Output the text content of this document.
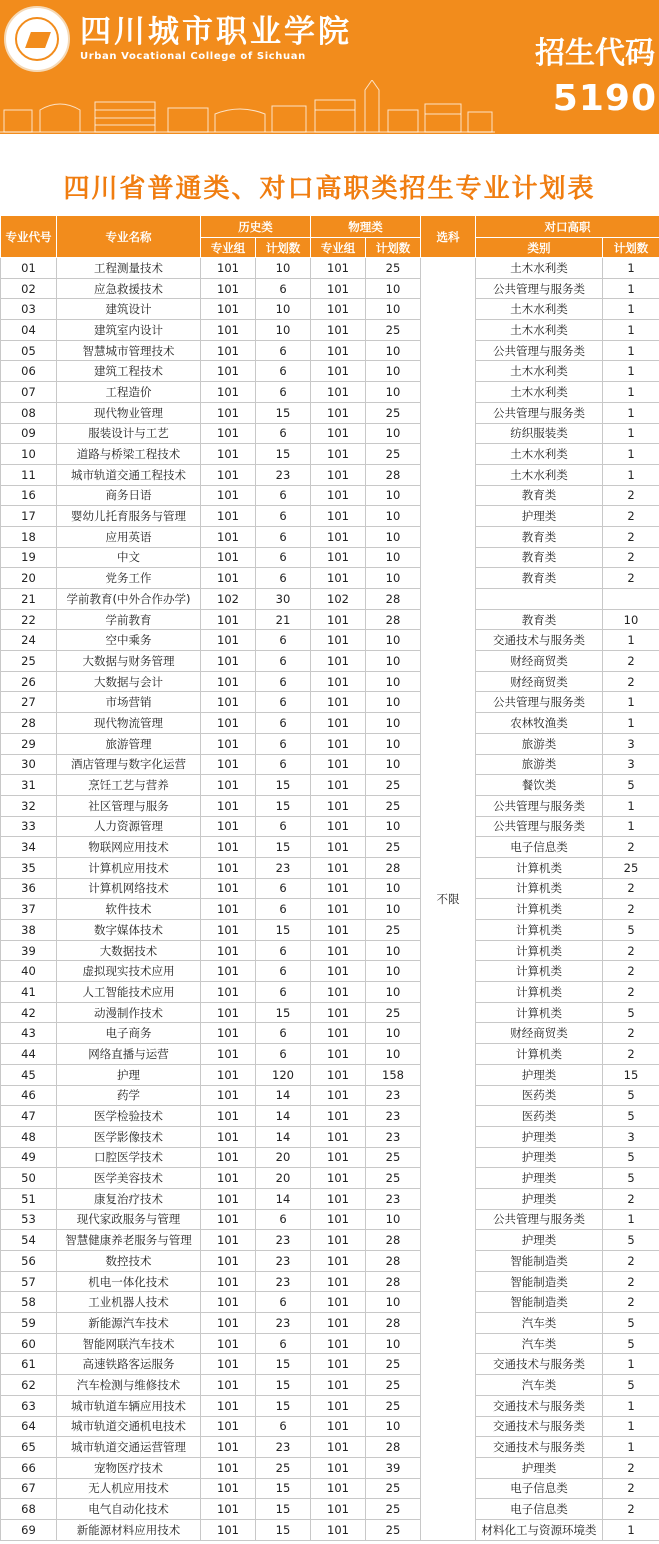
四川城市职业学院
Urban Vocational College of Sichuan	招生代码
5190
四川省普通类、对口高职类招生专业计划表
专业代号	专业名称	历史类		物理类		选科	对口高职	
		专业组	计划数	专业组	计划数		类别	计划数
01	工程测量技术	101	10	101	25	不限	土木水利类	1
02	应急救援技术	101	6	101	10		公共管理与服务类	1
03	建筑设计	101	10	101	10		土木水利类	1
04	建筑室内设计	101	10	101	25		土木水利类	1
05	智慧城市管理技术	101	6	101	10		公共管理与服务类	1
06	建筑工程技术	101	6	101	10		土木水利类	1
07	工程造价	101	6	101	10		土木水利类	1
08	现代物业管理	101	15	101	25		公共管理与服务类	1
09	服装设计与工艺	101	6	101	10		纺织服装类	1
10	道路与桥梁工程技术	101	15	101	25		土木水利类	1
11	城市轨道交通工程技术	101	23	101	28		土木水利类	1
16	商务日语	101	6	101	10		教育类	2
17	婴幼儿托育服务与管理	101	6	101	10		护理类	2
18	应用英语	101	6	101	10		教育类	2
19	中文	101	6	101	10		教育类	2
20	党务工作	101	6	101	10		教育类	2
21	学前教育(中外合作办学)	102	30	102	28			
22	学前教育	101	21	101	28		教育类	10
24	空中乘务	101	6	101	10		交通技术与服务类	1
25	大数据与财务管理	101	6	101	10		财经商贸类	2
26	大数据与会计	101	6	101	10		财经商贸类	2
27	市场营销	101	6	101	10		公共管理与服务类	1
28	现代物流管理	101	6	101	10		农林牧渔类	1
29	旅游管理	101	6	101	10		旅游类	3
30	酒店管理与数字化运营	101	6	101	10		旅游类	3
31	烹饪工艺与营养	101	15	101	25		餐饮类	5
32	社区管理与服务	101	15	101	25		公共管理与服务类	1
33	人力资源管理	101	6	101	10		公共管理与服务类	1
34	物联网应用技术	101	15	101	25		电子信息类	2
35	计算机应用技术	101	23	101	28		计算机类	25
36	计算机网络技术	101	6	101	10		计算机类	2
37	软件技术	101	6	101	10		计算机类	2
38	数字媒体技术	101	15	101	25		计算机类	5
39	大数据技术	101	6	101	10		计算机类	2
40	虚拟现实技术应用	101	6	101	10		计算机类	2
41	人工智能技术应用	101	6	101	10		计算机类	2
42	动漫制作技术	101	15	101	25		计算机类	5
43	电子商务	101	6	101	10		财经商贸类	2
44	网络直播与运营	101	6	101	10		计算机类	2
45	护理	101	120	101	158		护理类	15
46	药学	101	14	101	23		医药类	5
47	医学检验技术	101	14	101	23		医药类	5
48	医学影像技术	101	14	101	23		护理类	3
49	口腔医学技术	101	20	101	25		护理类	5
50	医学美容技术	101	20	101	25		护理类	5
51	康复治疗技术	101	14	101	23		护理类	2
53	现代家政服务与管理	101	6	101	10		公共管理与服务类	1
54	智慧健康养老服务与管理	101	23	101	28		护理类	5
56	数控技术	101	23	101	28		智能制造类	2
57	机电一体化技术	101	23	101	28		智能制造类	2
58	工业机器人技术	101	6	101	10		智能制造类	2
59	新能源汽车技术	101	23	101	28		汽车类	5
60	智能网联汽车技术	101	6	101	10		汽车类	5
61	高速铁路客运服务	101	15	101	25		交通技术与服务类	1
62	汽车检测与维修技术	101	15	101	25		汽车类	5
63	城市轨道车辆应用技术	101	15	101	25		交通技术与服务类	1
64	城市轨道交通机电技术	101	6	101	10		交通技术与服务类	1
65	城市轨道交通运营管理	101	23	101	28		交通技术与服务类	1
66	宠物医疗技术	101	25	101	39		护理类	2
67	无人机应用技术	101	15	101	25		电子信息类	2
68	电气自动化技术	101	15	101	25		电子信息类	2
69	新能源材料应用技术	101	15	101	25		材料化工与资源环境类	1
